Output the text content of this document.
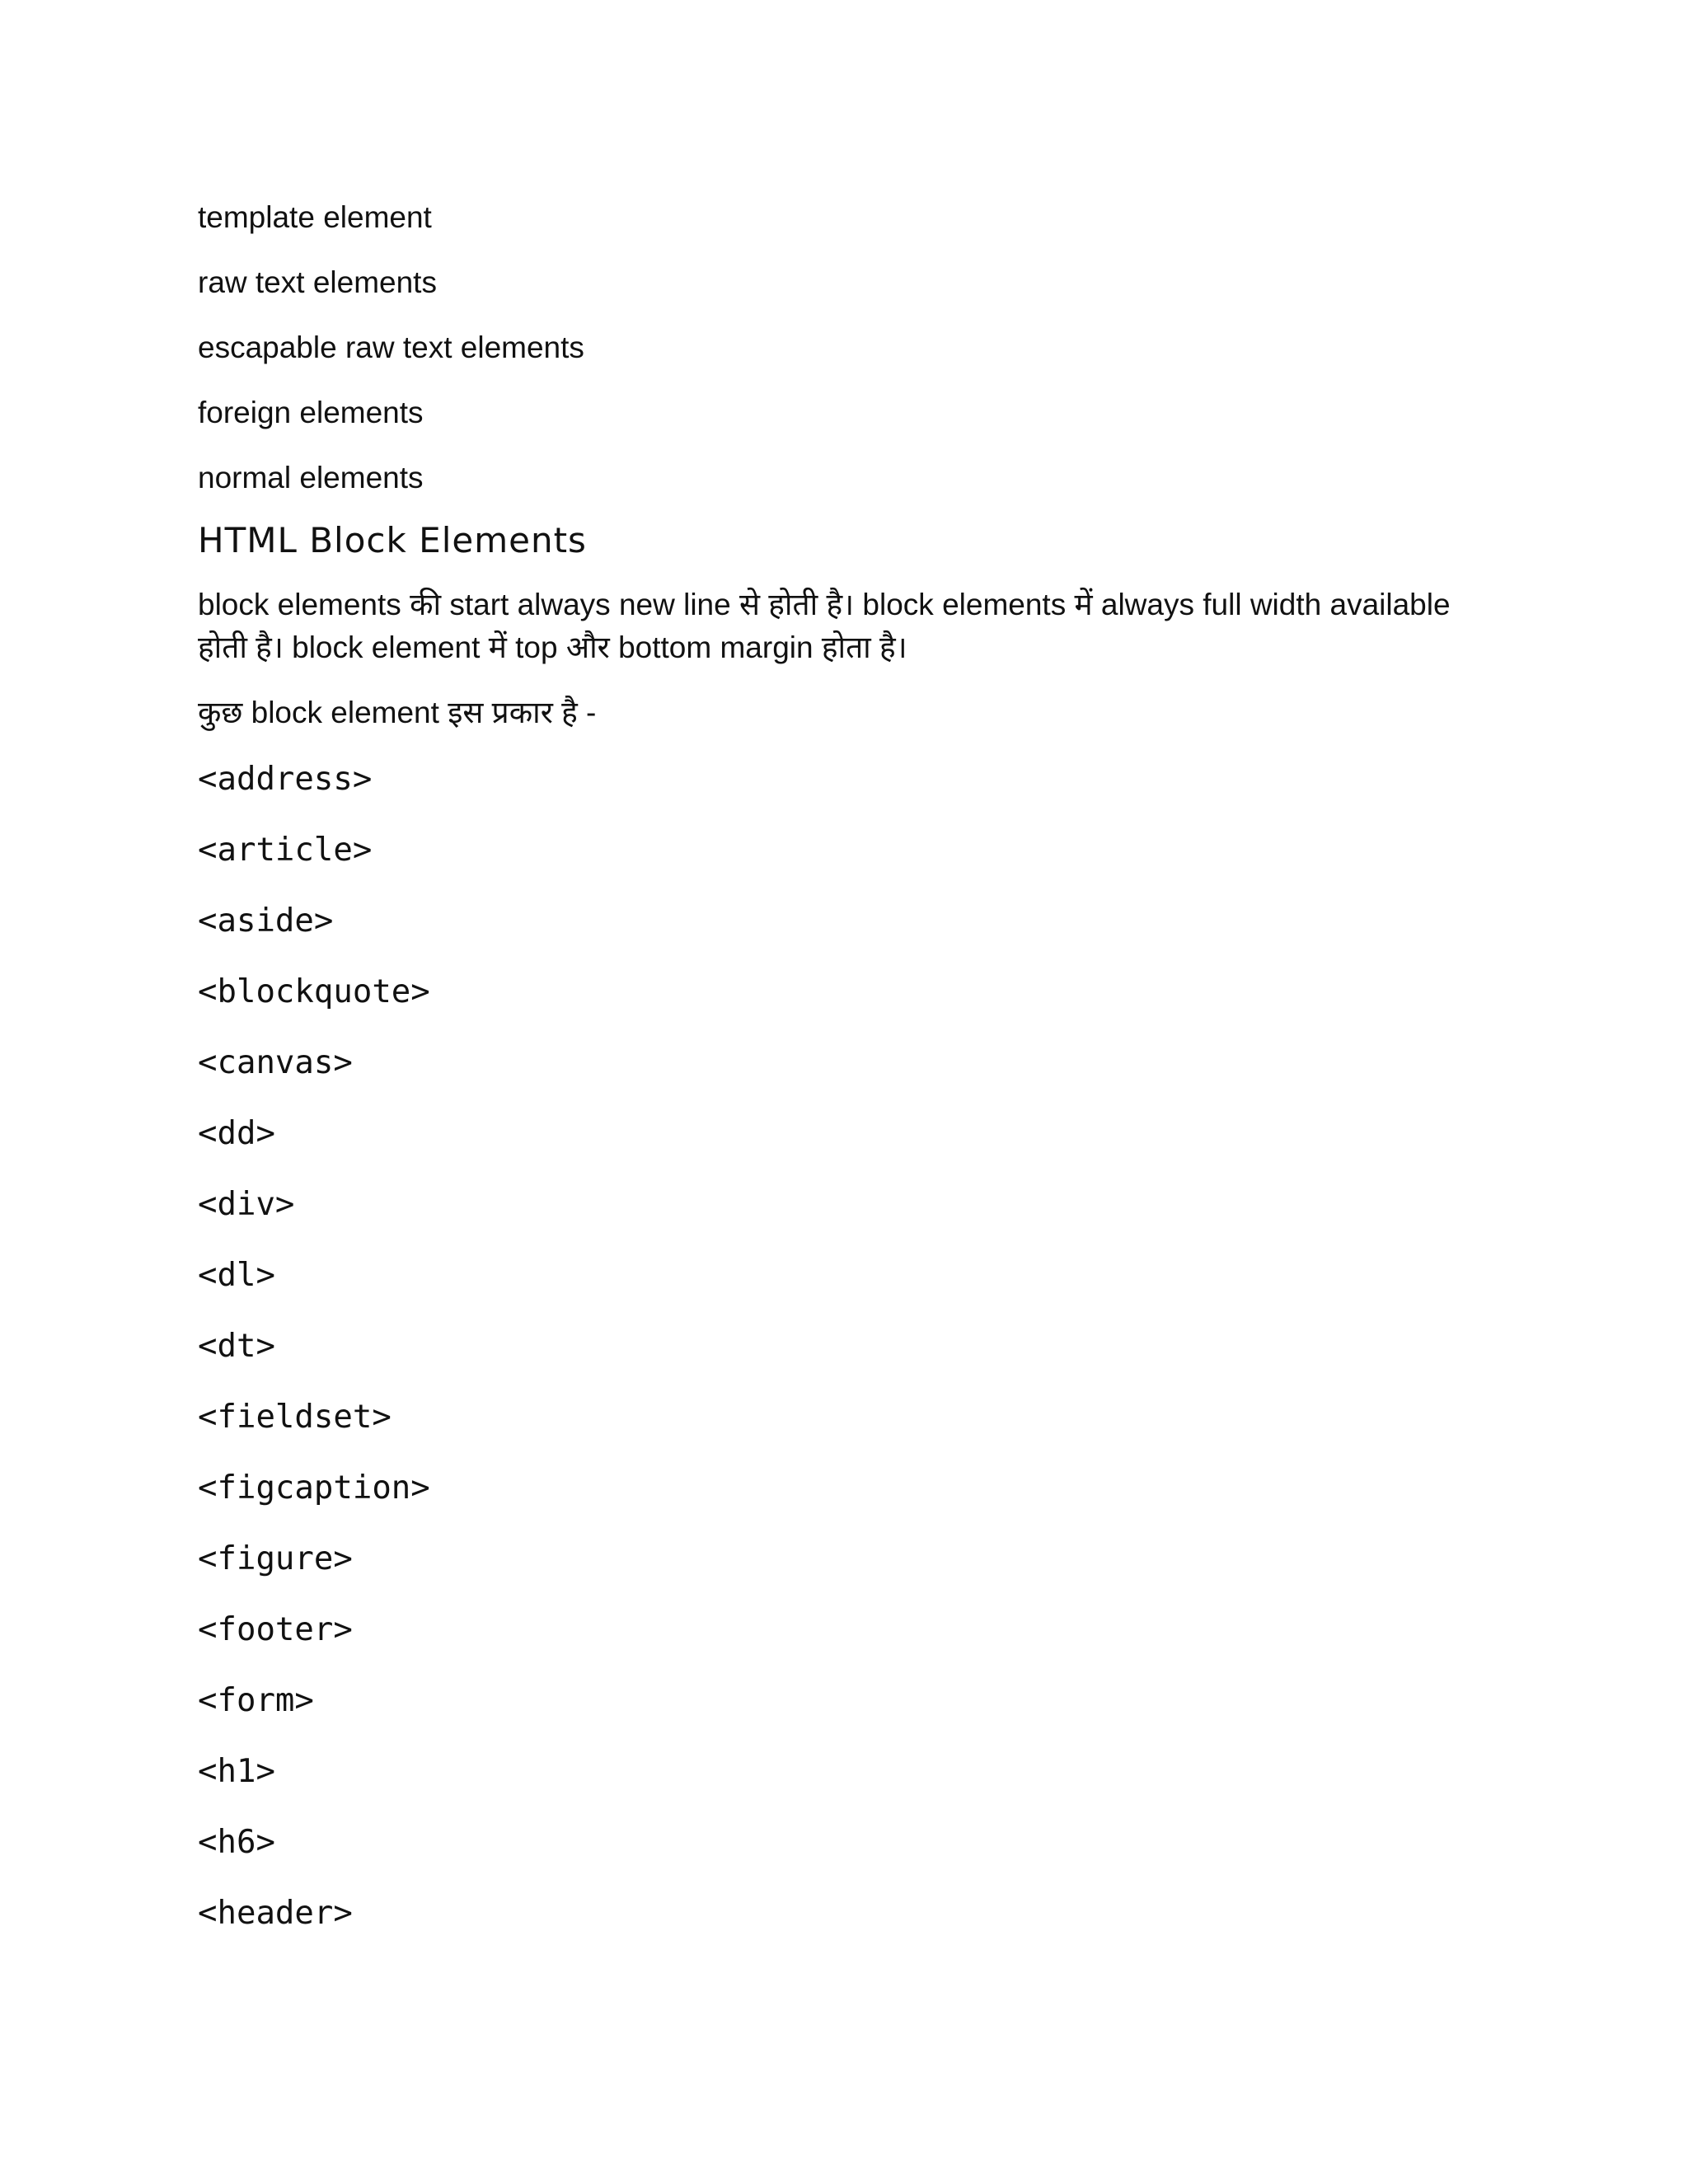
template element

raw text elements

escapable raw text elements

foreign elements

normal elements

HTML Block Elements

block elements की start always new line से होती है। block elements में always full width available होती है। block element में top और bottom margin होता है।

कुछ block element इस प्रकार है -

<address>
<article>
<aside>
<blockquote>
<canvas>
<dd>
<div>
<dl>
<dt>
<fieldset>
<figcaption>
<figure>
<footer>
<form>
<h1>
<h6>
<header>
